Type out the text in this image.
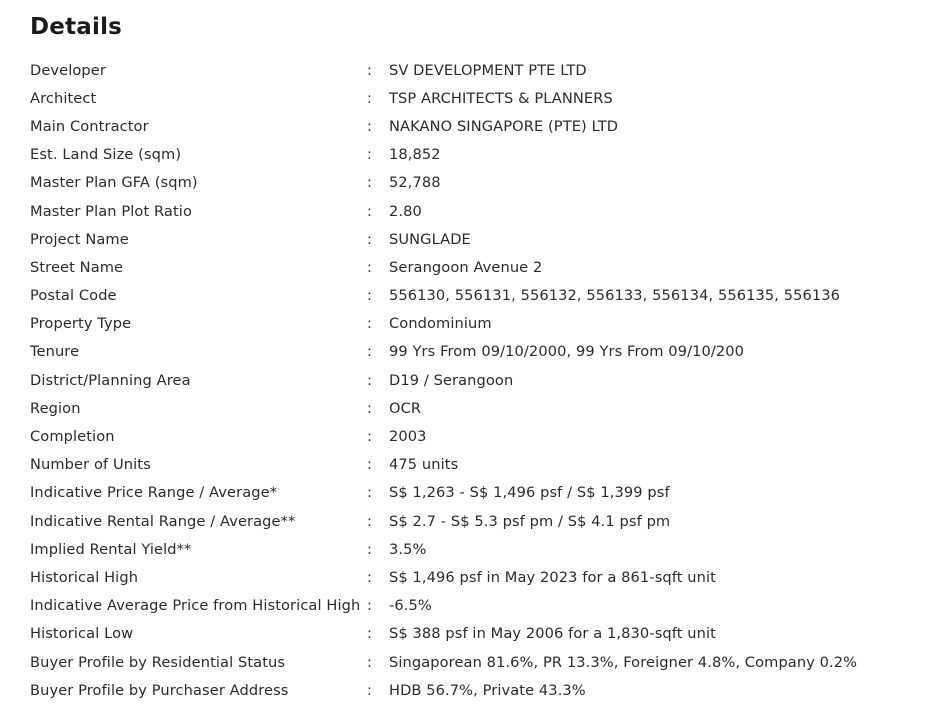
Details
Developer	:	SV DEVELOPMENT PTE LTD
Architect	:	TSP ARCHITECTS & PLANNERS
Main Contractor	:	NAKANO SINGAPORE (PTE) LTD
Est. Land Size (sqm)	:	18,852
Master Plan GFA (sqm)	:	52,788
Master Plan Plot Ratio	:	2.80
Project Name	:	SUNGLADE
Street Name	:	Serangoon Avenue 2
Postal Code	:	556130, 556131, 556132, 556133, 556134, 556135, 556136
Property Type	:	Condominium
Tenure	:	99 Yrs From 09/10/2000, 99 Yrs From 09/10/200
District/Planning Area	:	D19 / Serangoon
Region	:	OCR
Completion	:	2003
Number of Units	:	475 units
Indicative Price Range / Average*	:	S$ 1,263 - S$ 1,496 psf / S$ 1,399 psf
Indicative Rental Range / Average**	:	S$ 2.7 - S$ 5.3 psf pm / S$ 4.1 psf pm
Implied Rental Yield**	:	3.5%
Historical High	:	S$ 1,496 psf in May 2023 for a 861-sqft unit
Indicative Average Price from Historical High	:	-6.5%
Historical Low	:	S$ 388 psf in May 2006 for a 1,830-sqft unit
Buyer Profile by Residential Status	:	Singaporean 81.6%, PR 13.3%, Foreigner 4.8%, Company 0.2%
Buyer Profile by Purchaser Address	:	HDB 56.7%, Private 43.3%
